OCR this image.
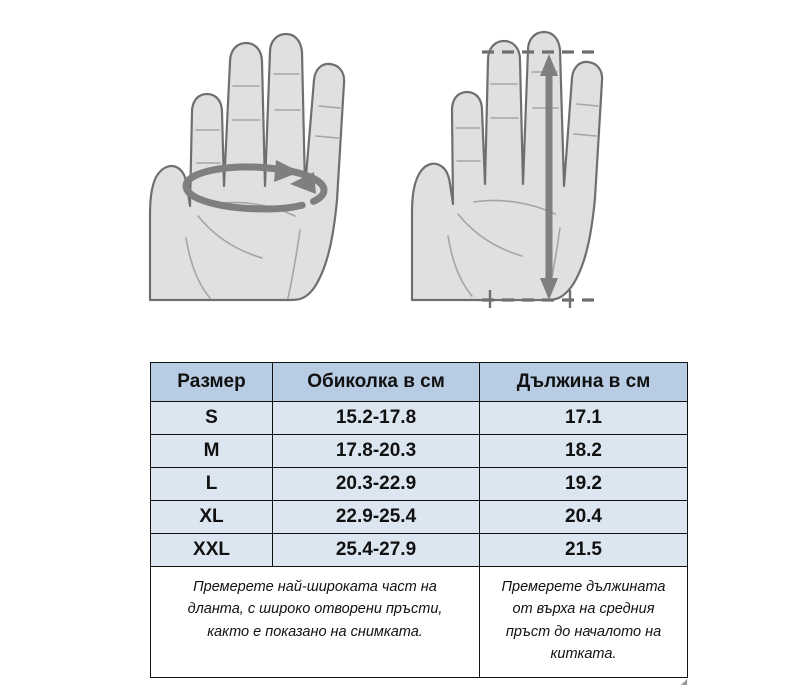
Размер	Обиколка в см	Дължина в см
S	15.2-17.8	17.1
M	17.8-20.3	18.2
L	20.3-22.9	19.2
XL	22.9-25.4	20.4
XXL	25.4-27.9	21.5
Премерете най-широката част на дланта, с широко отворени пръсти, както е показано на снимката.		Премерете дължината от върха на средния пръст до началото на китката.
◢
